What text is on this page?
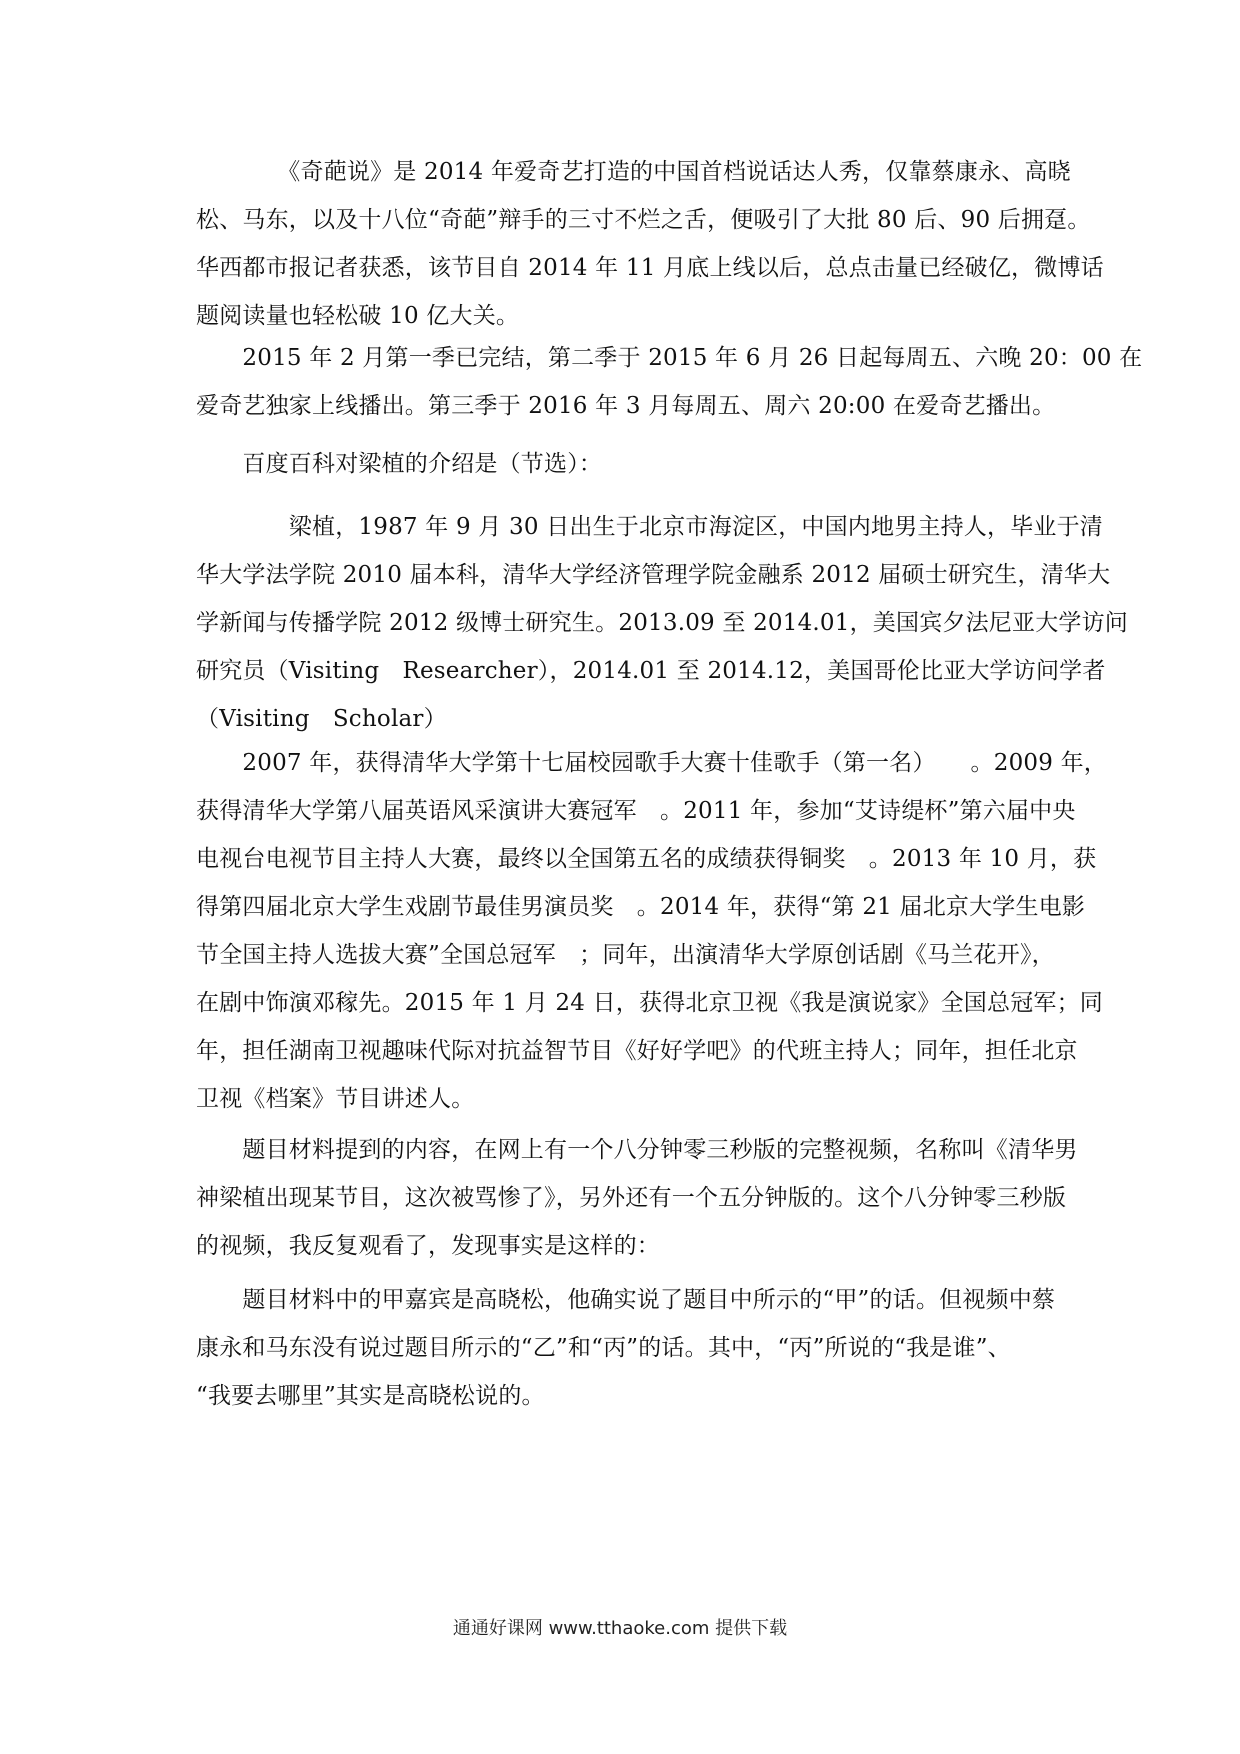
　　　　《奇葩说》是 2014 年爱奇艺打造的中国首档说话达人秀，仅靠蔡康永、高晓
松、马东，以及十八位“奇葩”辩手的三寸不烂之舌，便吸引了大批 80 后、90 后拥趸。
华西都市报记者获悉，该节目自 2014 年 11 月底上线以后，总点击量已经破亿，微博话
题阅读量也轻松破 10 亿大关。
　　2015 年 2 月第一季已完结，第二季于 2015 年 6 月 26 日起每周五、六晚 20：00 在
爱奇艺独家上线播出。第三季于 2016 年 3 月每周五、周六 20:00 在爱奇艺播出。
　　百度百科对梁植的介绍是（节选）：
　　　　梁植，1987 年 9 月 30 日出生于北京市海淀区，中国内地男主持人，毕业于清
华大学法学院 2010 届本科，清华大学经济管理学院金融系 2012 届硕士研究生，清华大
学新闻与传播学院 2012 级博士研究生。2013.09 至 2014.01，美国宾夕法尼亚大学访问
研究员（Visiting　Researcher），2014.01 至 2014.12，美国哥伦比亚大学访问学者
（Visiting　Scholar）
　　2007 年，获得清华大学第十七届校园歌手大赛十佳歌手（第一名）　　。2009 年，
获得清华大学第八届英语风采演讲大赛冠军　。2011 年，参加“艾诗缇杯”第六届中央
电视台电视节目主持人大赛，最终以全国第五名的成绩获得铜奖　。2013 年 10 月，获
得第四届北京大学生戏剧节最佳男演员奖　。2014 年，获得“第 21 届北京大学生电影
节全国主持人选拔大赛”全国总冠军　；同年，出演清华大学原创话剧《马兰花开》，
在剧中饰演邓稼先。2015 年 1 月 24 日，获得北京卫视《我是演说家》全国总冠军；同
年，担任湖南卫视趣味代际对抗益智节目《好好学吧》的代班主持人；同年，担任北京
卫视《档案》节目讲述人。
　　题目材料提到的内容，在网上有一个八分钟零三秒版的完整视频，名称叫《清华男
神梁植出现某节目，这次被骂惨了》，另外还有一个五分钟版的。这个八分钟零三秒版
的视频，我反复观看了，发现事实是这样的：
　　题目材料中的甲嘉宾是高晓松，他确实说了题目中所示的“甲”的话。但视频中蔡
康永和马东没有说过题目所示的“乙”和“丙”的话。其中，“丙”所说的“我是谁”、
“我要去哪里”其实是高晓松说的。
通通好课网 www.tthaoke.com 提供下载
